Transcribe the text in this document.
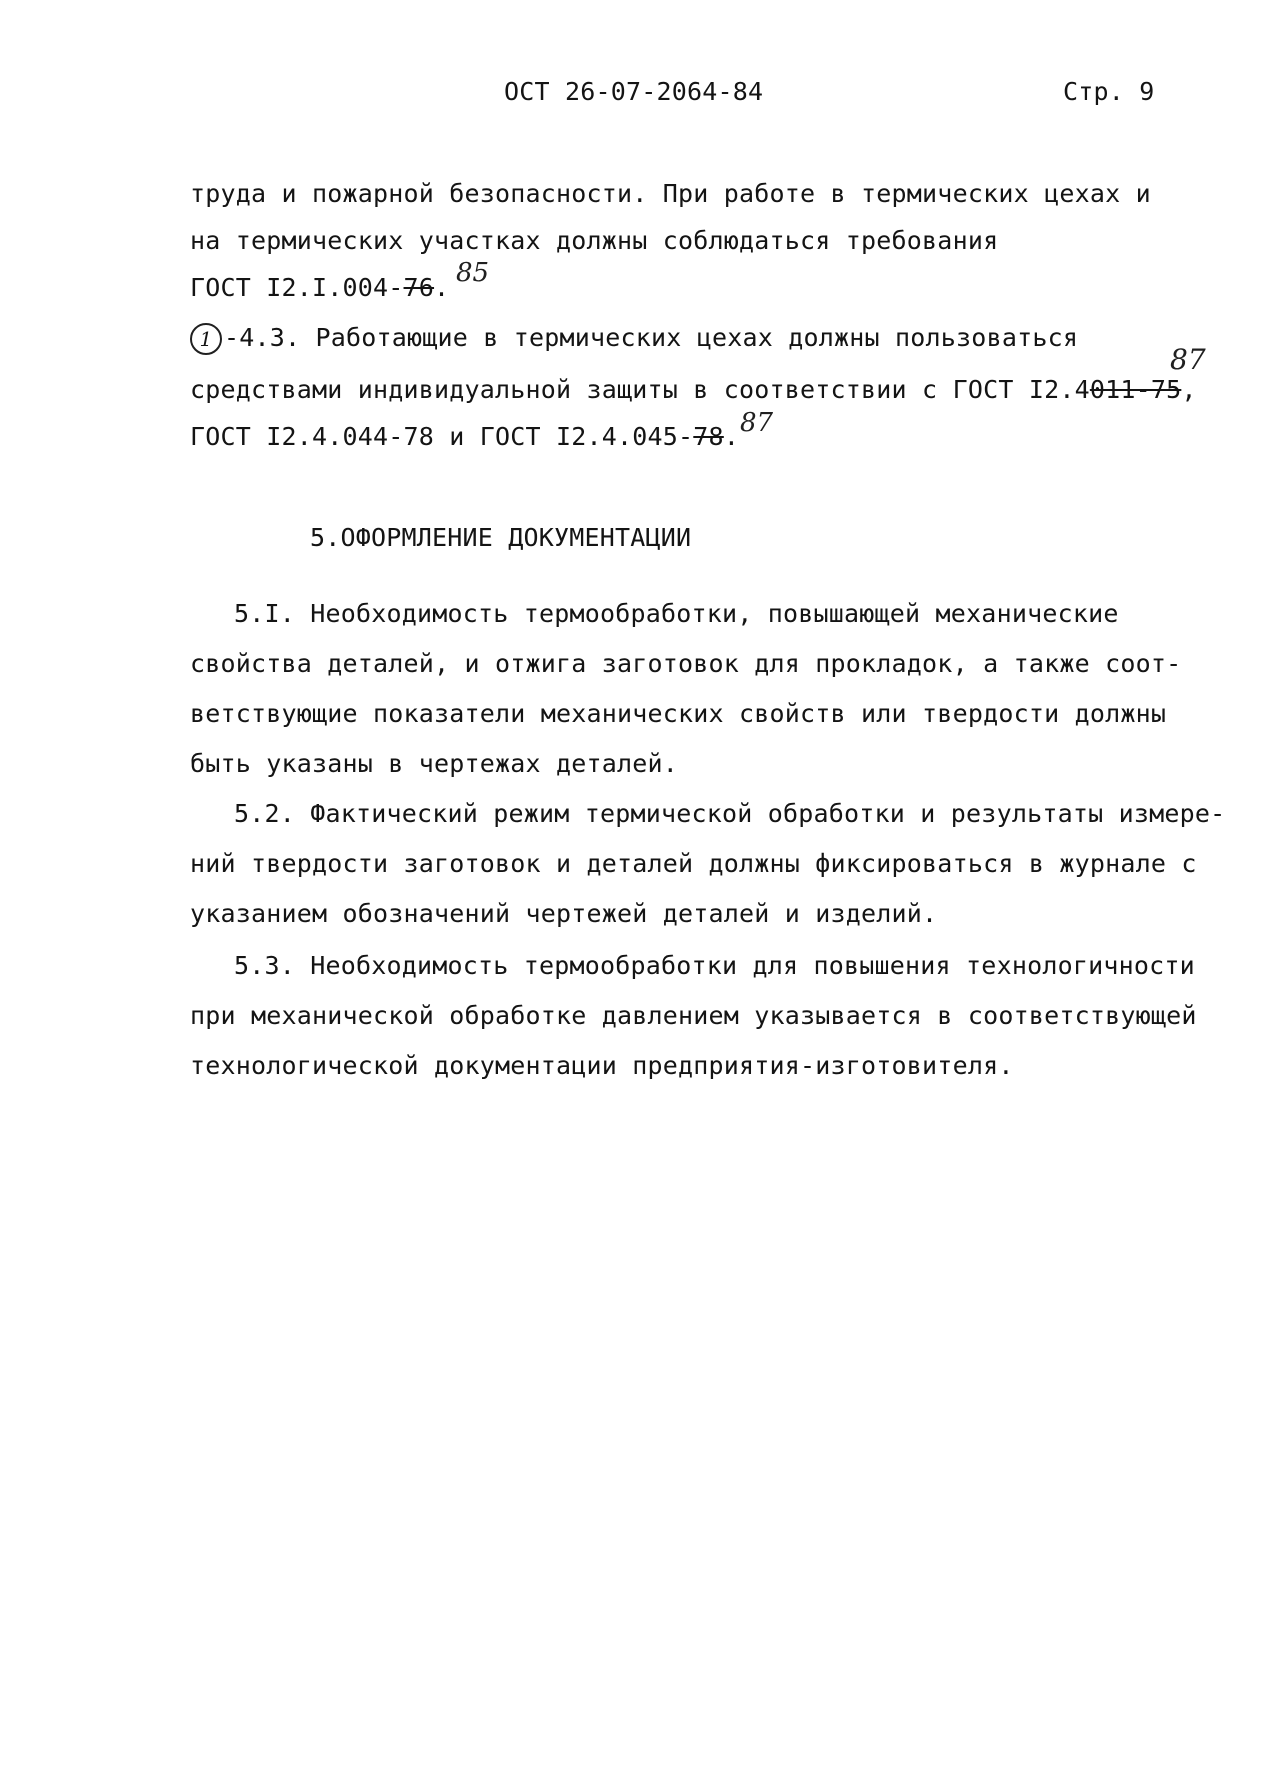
ОСТ 26-07-2064-84	Стр. 9
труда и пожарной безопасности. При работе в термических цехах и
на термических участках должны соблюдаться требования
ГОСТ I2.I.004-76. 85
1 -4.3. Работающие в термических цехах должны пользоваться
87
средствами индивидуальной защиты в соответствии с ГОСТ I2.4011-75,
ГОСТ I2.4.044-78 и ГОСТ I2.4.045-78. 87
5.ОФОРМЛЕНИЕ ДОКУМЕНТАЦИИ
5.I. Необходимость термообработки, повышающей механические
свойства деталей, и отжига заготовок для прокладок, а также соот-
ветствующие показатели механических свойств или твердости должны
быть указаны в чертежах деталей.
5.2. Фактический режим термической обработки и результаты измере-
ний твердости заготовок и деталей должны фиксироваться в журнале с
указанием обозначений чертежей деталей и изделий.
5.3. Необходимость термообработки для повышения технологичности
при механической обработке давлением указывается в соответствующей
технологической документации предприятия-изготовителя.
